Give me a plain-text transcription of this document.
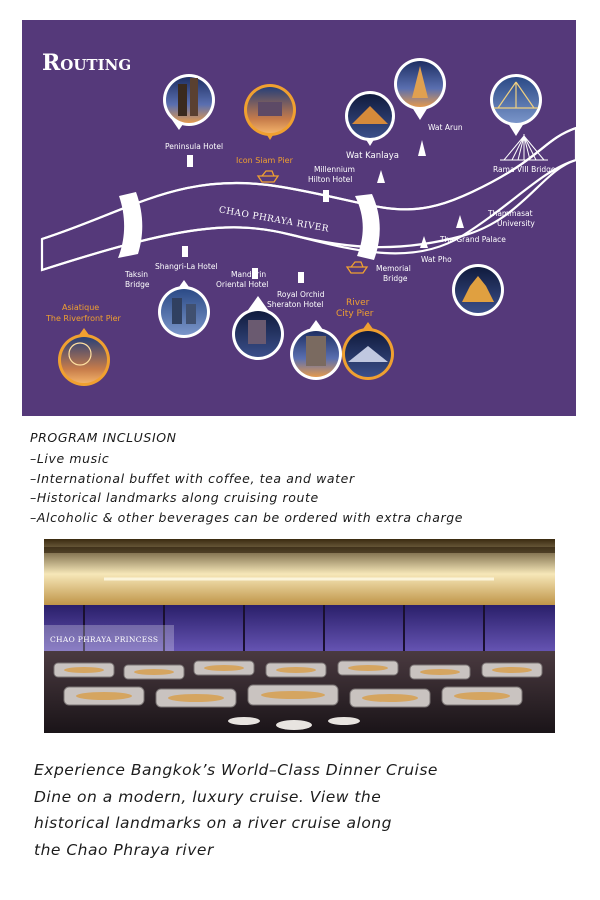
Routing
CHAO PHRAYA RIVER
Peninsula Hotel
Millennium
Hilton Hotel
Wat Kanlaya
Wat Arun
Rama VIII Bridge
Thammasat
University
The Grand Palace
Wat Pho
Memorial
Bridge
Royal Orchid
Sheraton Hotel
Mandarin
Oriental Hotel
Shangri-La Hotel
Taksin
Bridge
Icon Siam Pier
Asiatique
The Riverfront Pier
River
City Pier
PROGRAM INCLUSION
–Live music
–International buffet with coffee, tea and water
–Historical landmarks along cruising route
–Alcoholic & other beverages can be ordered with extra charge
CHAO PHRAYA PRINCESS
Experience Bangkok’s World–Class Dinner Cruise
Dine on a modern, luxury cruise. View the
historical landmarks on a river cruise along
the Chao Phraya river
